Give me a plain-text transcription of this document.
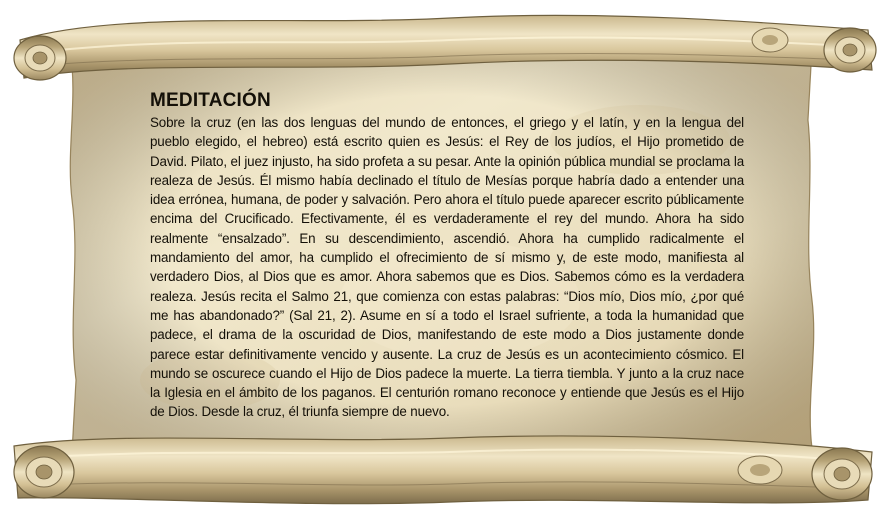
MEDITACIÓN

Sobre la cruz (en las dos lenguas del mundo de entonces, el griego y el latín, y en la lengua del pueblo elegido, el hebreo) está escrito quien es Jesús: el Rey de los judíos, el Hijo prometido de David. Pilato, el juez injusto, ha sido profeta a su pesar. Ante la opinión pública mundial se proclama la realeza de Jesús. Él mismo había declinado el título de Mesías porque habría dado a entender una idea errónea, humana, de poder y salvación. Pero ahora el título puede aparecer escrito públicamente encima del Crucificado. Efectivamente, él es verdaderamente el rey del mundo. Ahora ha sido realmente “ensalzado”. En su descendimiento, ascendió. Ahora ha cumplido radicalmente el mandamiento del amor, ha cumplido el ofrecimiento de sí mismo y, de este modo, manifiesta al verdadero Dios, al Dios que es amor. Ahora sabemos que es Dios. Sabemos cómo es la verdadera realeza. Jesús recita el Salmo 21, que comienza con estas palabras: “Dios mío, Dios mío, ¿por qué me has abandonado?” (Sal 21, 2). Asume en sí a todo el Israel sufriente, a toda la humanidad que padece, el drama de la oscuridad de Dios, manifestando de este modo a Dios justamente donde parece estar definitivamente vencido y ausente. La cruz de Jesús es un acontecimiento cósmico. El mundo se oscurece cuando el Hijo de Dios padece la muerte. La tierra tiembla. Y junto a la cruz nace la Iglesia en el ámbito de los paganos. El centurión romano reconoce y entiende que Jesús es el Hijo de Dios. Desde la cruz, él triunfa siempre de nuevo.
